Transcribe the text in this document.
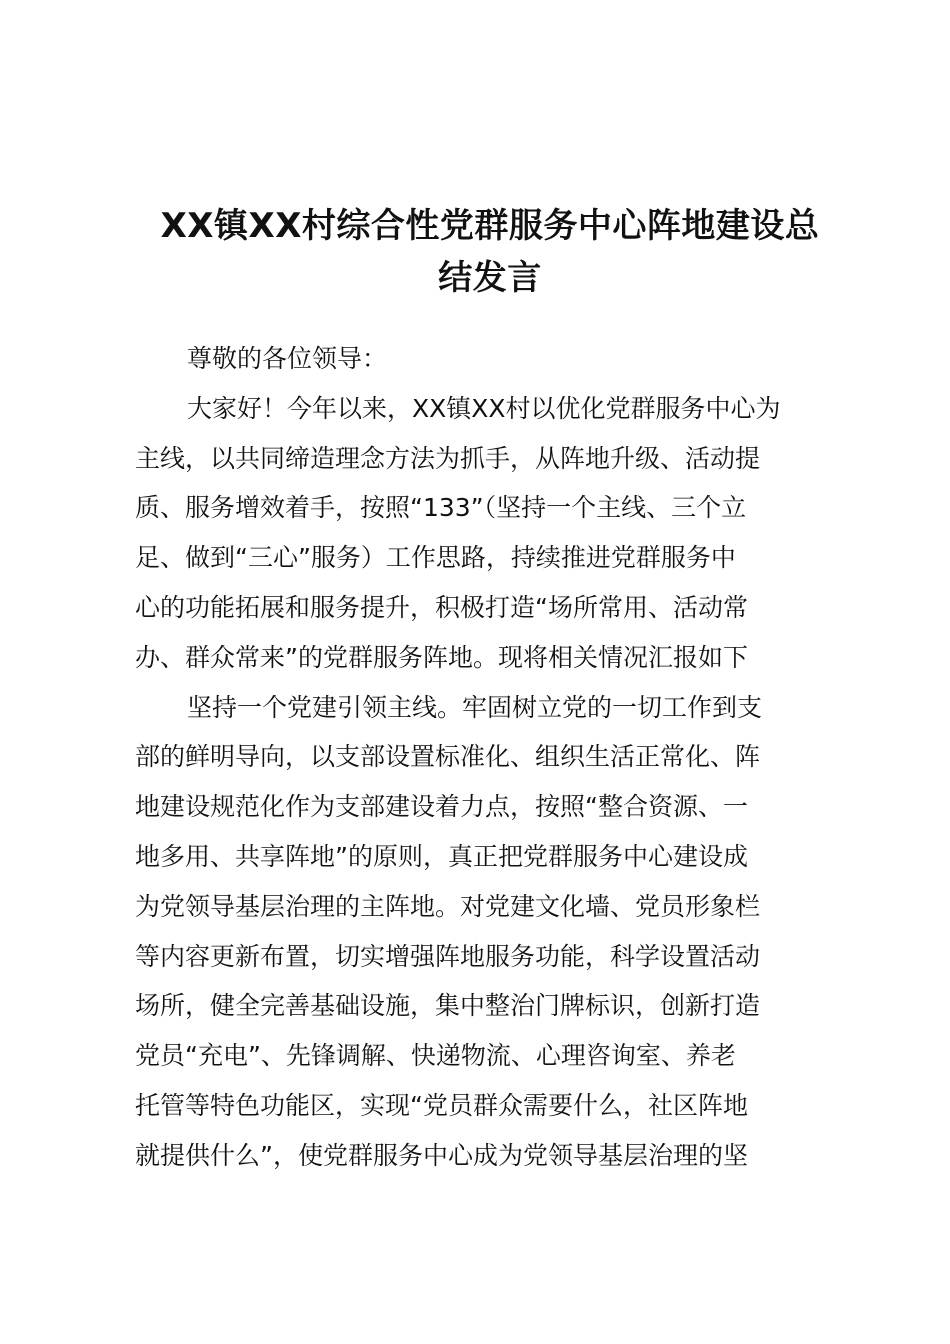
XX镇XX村综合性党群服务中心阵地建设总
结发言
尊敬的各位领导：
大家好！今年以来，XX镇XX村以优化党群服务中心为
主线，以共同缔造理念方法为抓手，从阵地升级、活动提
质、服务增效着手，按照“133”（坚持一个主线、三个立
足、做到“三心”服务）工作思路，持续推进党群服务中
心的功能拓展和服务提升，积极打造“场所常用、活动常
办、群众常来”的党群服务阵地。现将相关情况汇报如下
坚持一个党建引领主线。牢固树立党的一切工作到支
部的鲜明导向，以支部设置标准化、组织生活正常化、阵
地建设规范化作为支部建设着力点，按照“整合资源、一
地多用、共享阵地”的原则，真正把党群服务中心建设成
为党领导基层治理的主阵地。对党建文化墙、党员形象栏
等内容更新布置，切实增强阵地服务功能，科学设置活动
场所，健全完善基础设施，集中整治门牌标识，创新打造
党员“充电”、先锋调解、快递物流、心理咨询室、养老
托管等特色功能区，实现“党员群众需要什么，社区阵地
就提供什么”，使党群服务中心成为党领导基层治理的坚
